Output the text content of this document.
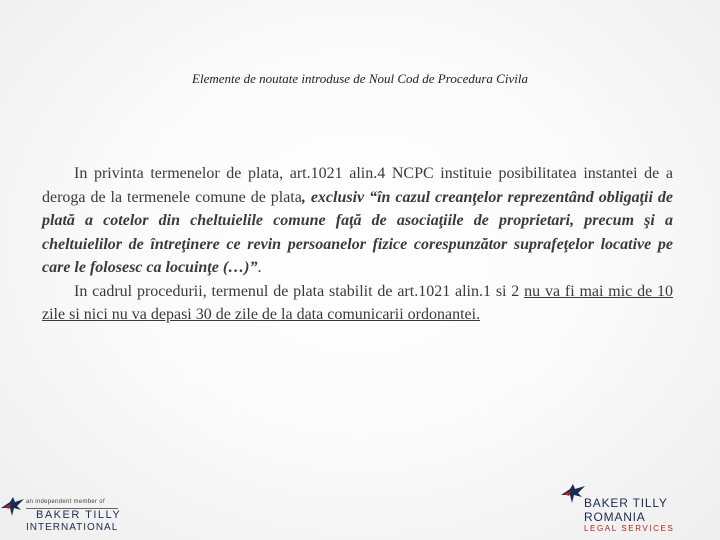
Elemente de noutate introduse de Noul Cod de Procedura Civila

In privinta termenelor de plata, art.1021 alin.4 NCPC instituie posibilitatea instantei de a deroga de la termenele comune de plata, exclusiv “în cazul creanţelor reprezentând obligaţii de plată a cotelor din cheltuielile comune faţă de asociaţiile de proprietari, precum şi a cheltuielilor de întreţinere ce revin persoanelor fizice corespunzător suprafeţelor locative pe care le folosesc ca locuinţe (…)”.

In cadrul procedurii, termenul de plata stabilit de art.1021 alin.1 si 2 nu va fi mai mic de 10 zile si nici nu va depasi 30 de zile de la data comunicarii ordonantei.

an independent member of
BAKER TILLY
INTERNATIONAL
BAKER TILLY
ROMANIA
LEGAL SERVICES
